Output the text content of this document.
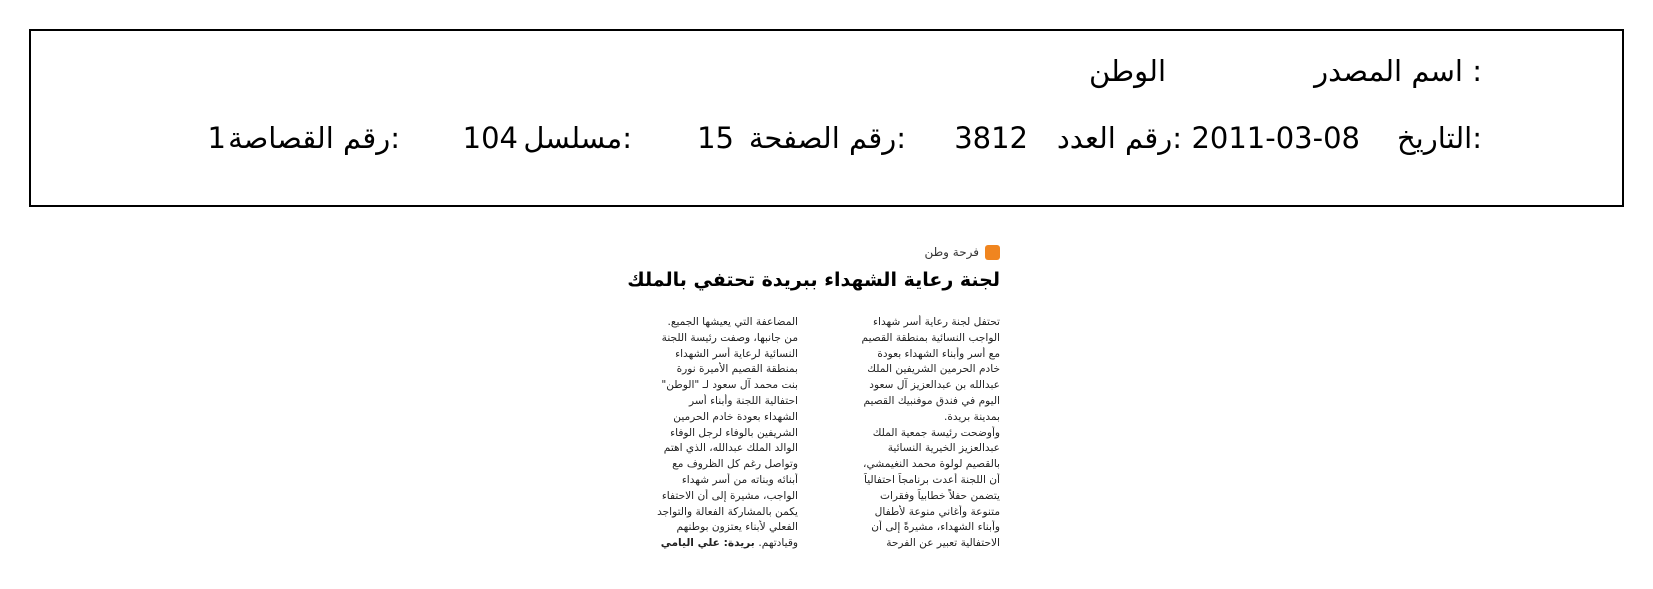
اسم المصدر :
الوطن
التاريخ:
2011-03-08
رقم العدد:
3812
رقم الصفحة:
15
مسلسل:
104
رقم القصاصة:
1
فرحة وطن
لجنة رعاية الشهداء ببريدة تحتفي بالملك
تحتفل لجنة رعاية أسر شهداء
الواجب النسائية بمنطقة القصيم
مع أسر وأبناء الشهداء بعودة
خادم الحرمين الشريفين الملك
عبدالله بن عبدالعزيز آل سعود
اليوم في فندق موفنبيك القصيم
بمدينة بريدة.
وأوضحت رئيسة جمعية الملك
عبدالعزيز الخيرية النسائية
بالقصيم لولوة محمد النغيمشي،
أن اللجنة أعدت برنامجاً احتفالياً
يتضمن حفلاً خطابياً وفقرات
متنوعة وأغاني منوعة لأطفال
وأبناء الشهداء، مشيرةً إلى أن
الاحتفالية تعبير عن الفرحة
المضاعفة التي يعيشها الجميع.
من جانبها، وصفت رئيسة اللجنة
النسائية لرعاية أسر الشهداء
بمنطقة القصيم الأميرة نورة
بنت محمد آل سعود لـ "الوطن"
احتفالية اللجنة وأبناء أسر
الشهداء بعودة خادم الحرمين
الشريفين بالوفاء لرجل الوفاء
الوالد الملك عبدالله، الذي اهتم
وتواصل رغم كل الظروف مع
أبنائه وبناته من أسر شهداء
الواجب، مشيرة إلى أن الاحتفاء
يكمن بالمشاركة الفعالة والتواجد
الفعلي لأبناء يعتزون بوطنهم
وقيادتهم. بريدة: علي اليامي
